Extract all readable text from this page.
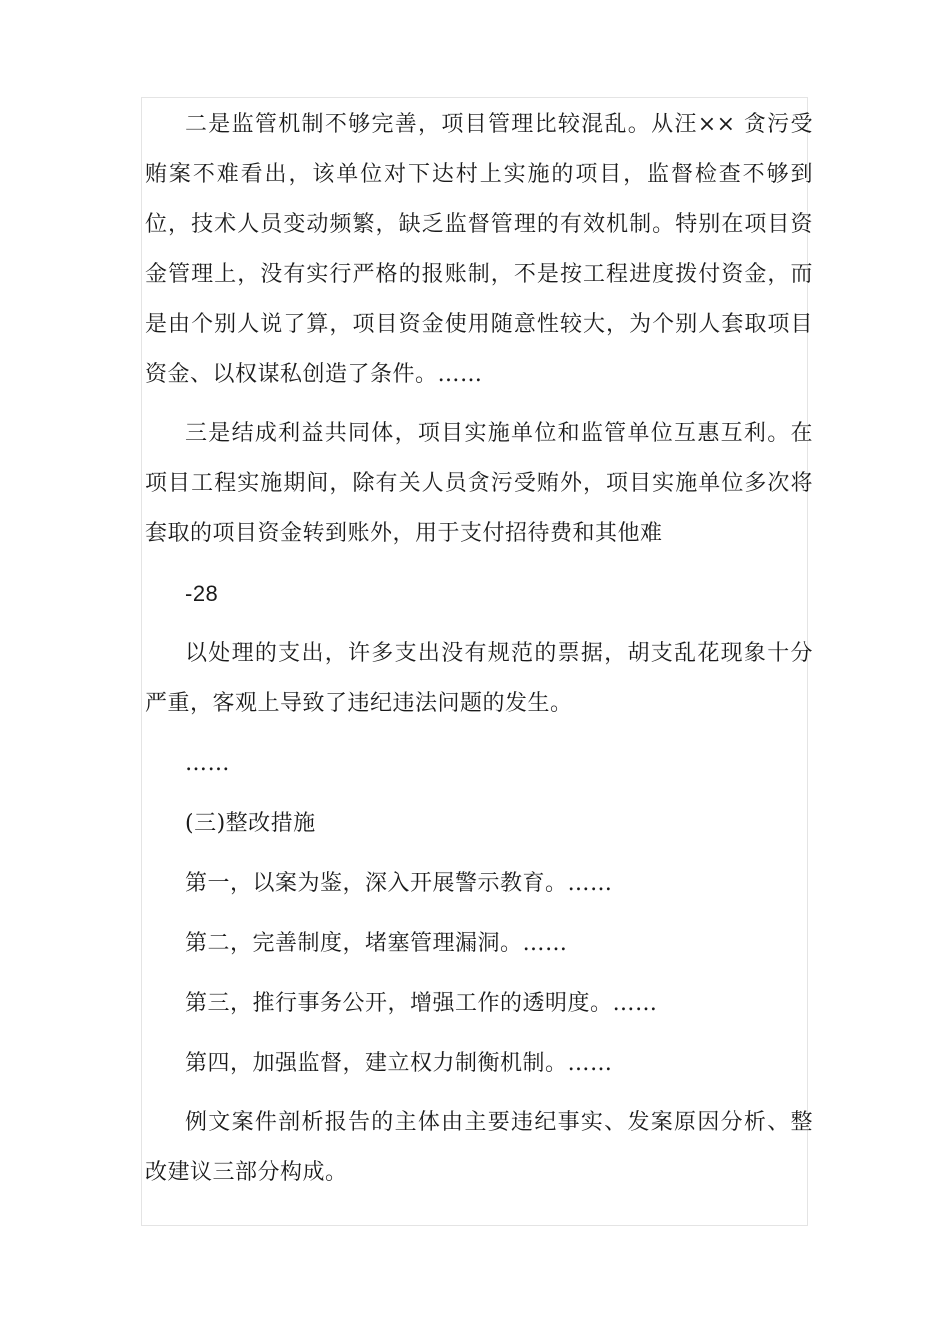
二是监管机制不够完善，项目管理比较混乱。从汪×× 贪污受贿案不难看出，该单位对下达村上实施的项目，监督检查不够到位，技术人员变动频繁，缺乏监督管理的有效机制。特别在项目资金管理上，没有实行严格的报账制，不是按工程进度拨付资金，而是由个别人说了算，项目资金使用随意性较大，为个别人套取项目资金、以权谋私创造了条件。……

三是结成利益共同体，项目实施单位和监管单位互惠互利。在项目工程实施期间，除有关人员贪污受贿外，项目实施单位多次将套取的项目资金转到账外，用于支付招待费和其他难

-28

以处理的支出，许多支出没有规范的票据，胡支乱花现象十分严重，客观上导致了违纪违法问题的发生。

……

(三)整改措施

第一，以案为鉴，深入开展警示教育。……

第二，完善制度，堵塞管理漏洞。……

第三，推行事务公开，增强工作的透明度。……

第四，加强监督，建立权力制衡机制。……

例文案件剖析报告的主体由主要违纪事实、发案原因分析、整改建议三部分构成。
